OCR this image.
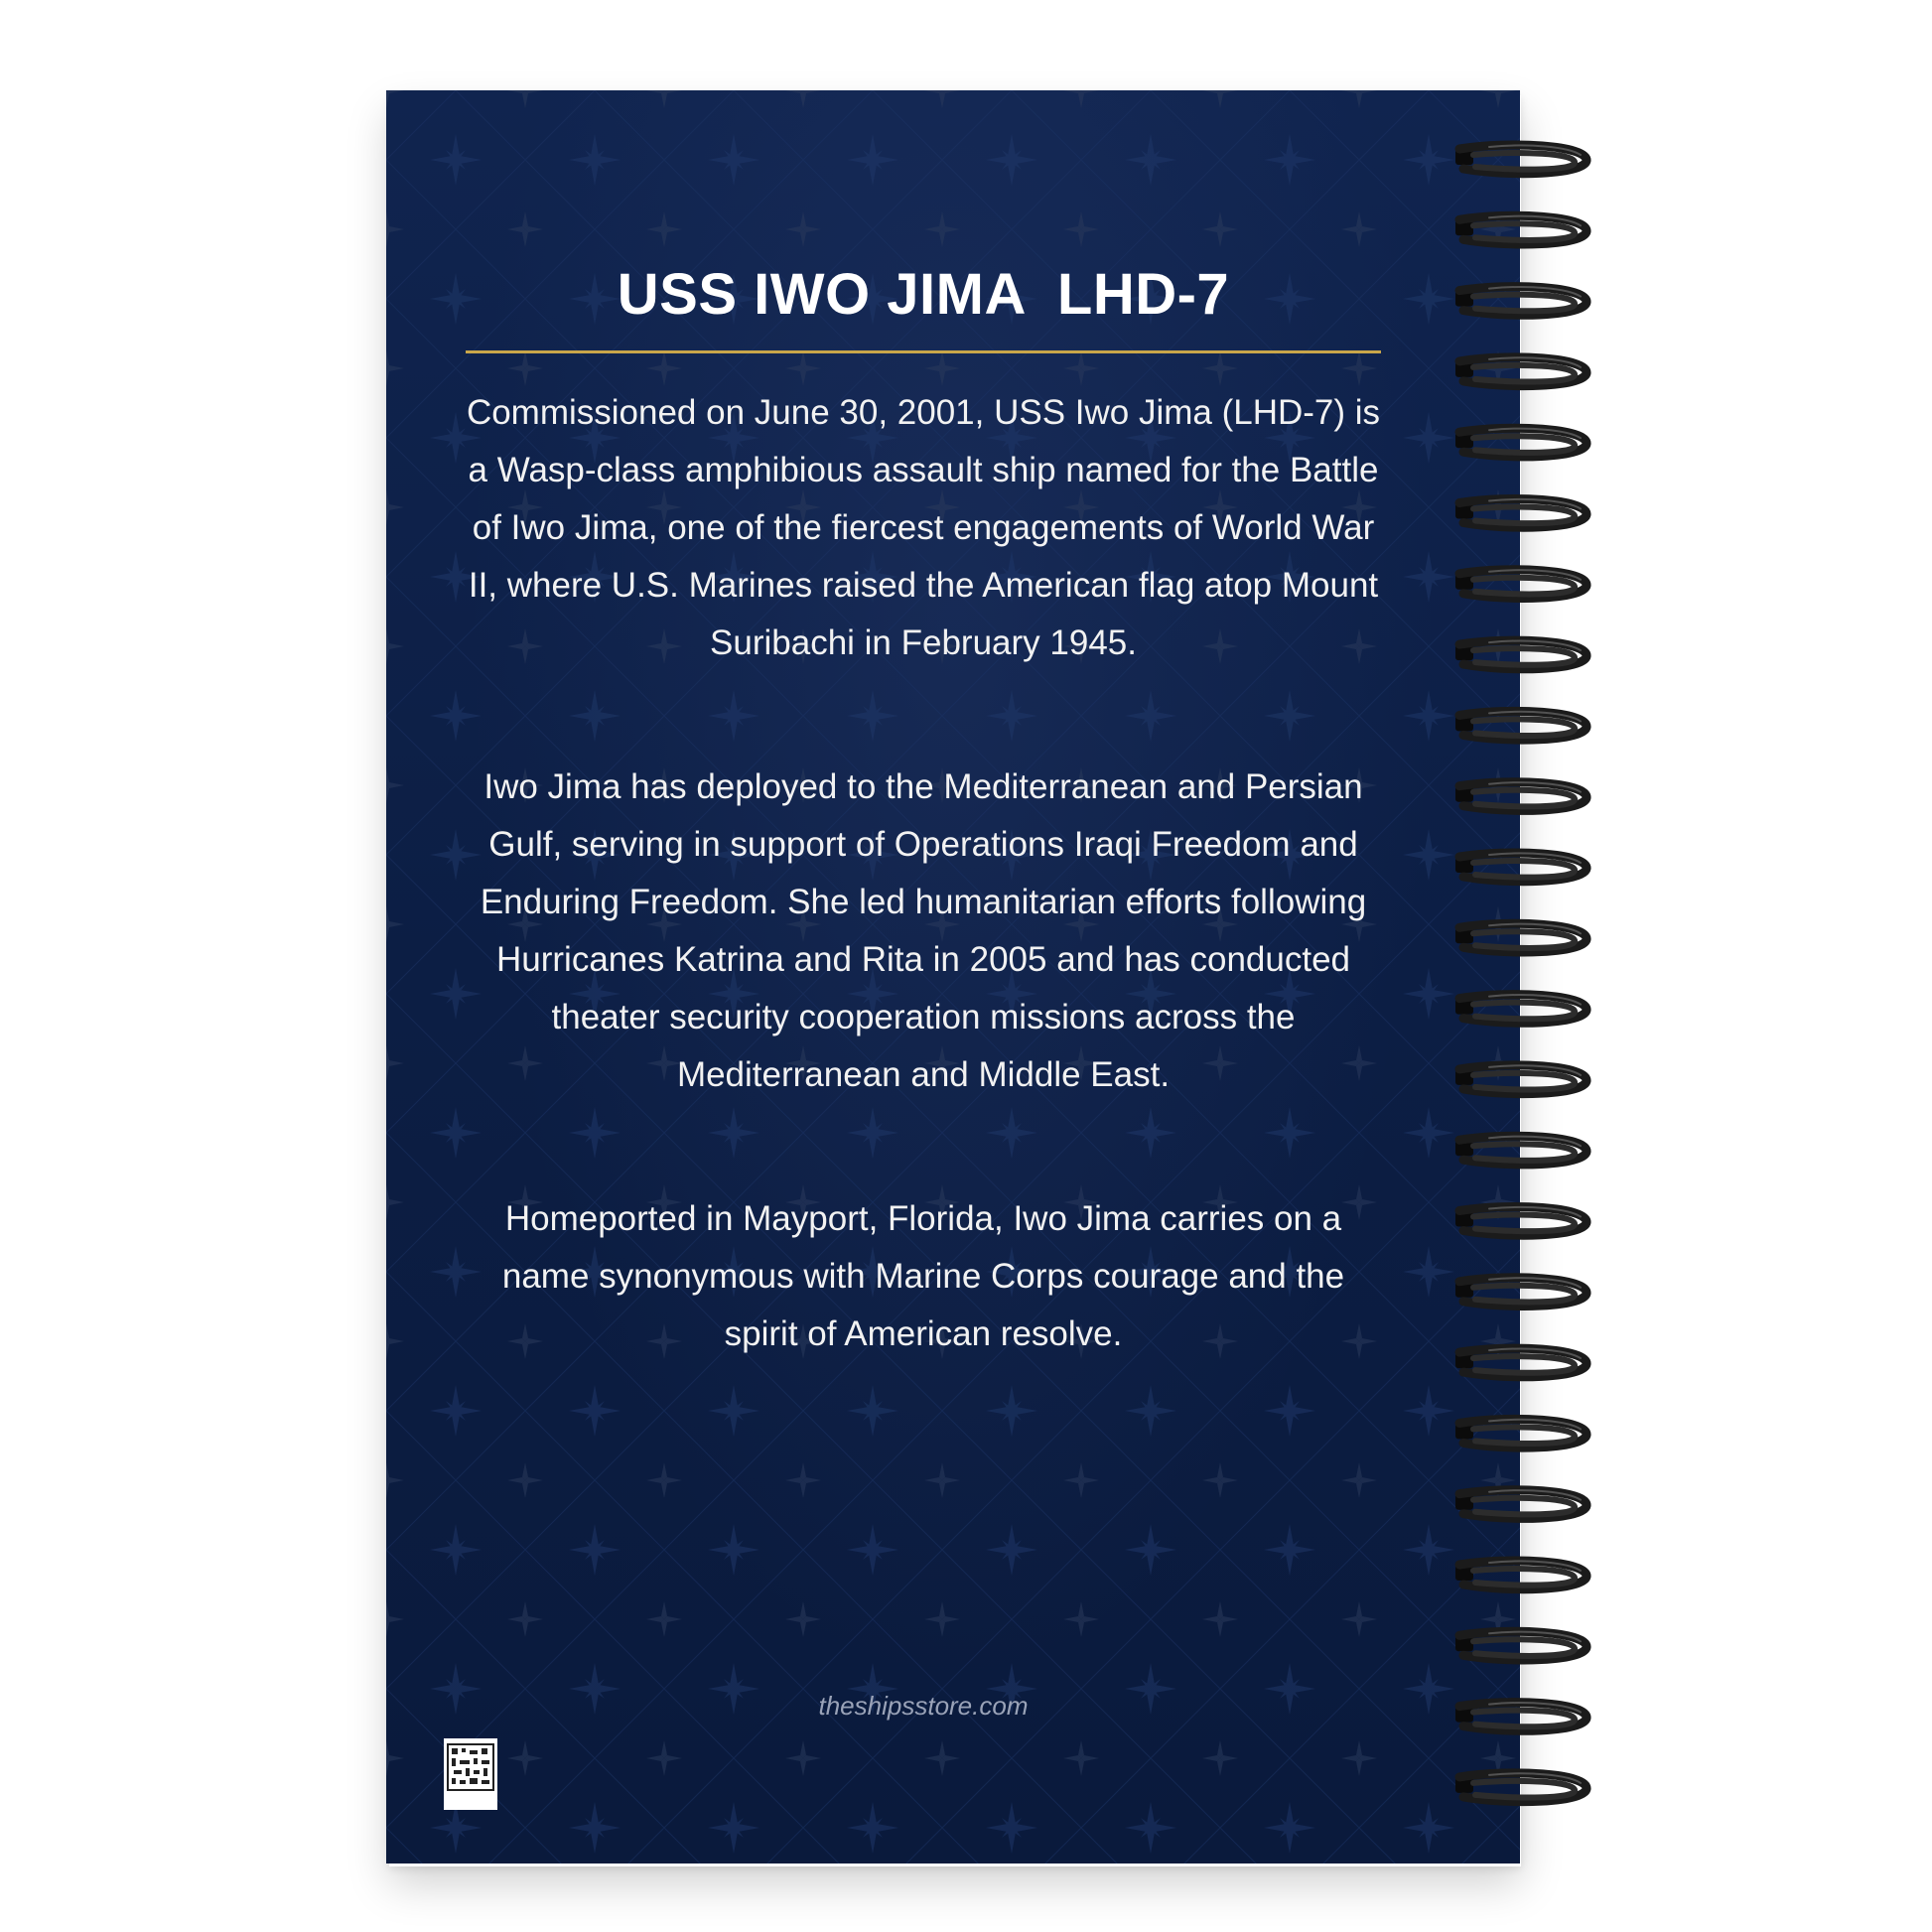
USS IWO JIMA  LHD-7
Commissioned on June 30, 2001, USS Iwo Jima (LHD-7) is a Wasp-class amphibious assault ship named for the Battle of Iwo Jima, one of the fiercest engagements of World War II, where U.S. Marines raised the American flag atop Mount Suribachi in February 1945.
Iwo Jima has deployed to the Mediterranean and Persian Gulf, serving in support of Operations Iraqi Freedom and Enduring Freedom. She led humanitarian efforts following Hurricanes Katrina and Rita in 2005 and has conducted theater security cooperation missions across the Mediterranean and Middle East.
Homeported in Mayport, Florida, Iwo Jima carries on a name synonymous with Marine Corps courage and the spirit of American resolve.
theshipsstore.com
